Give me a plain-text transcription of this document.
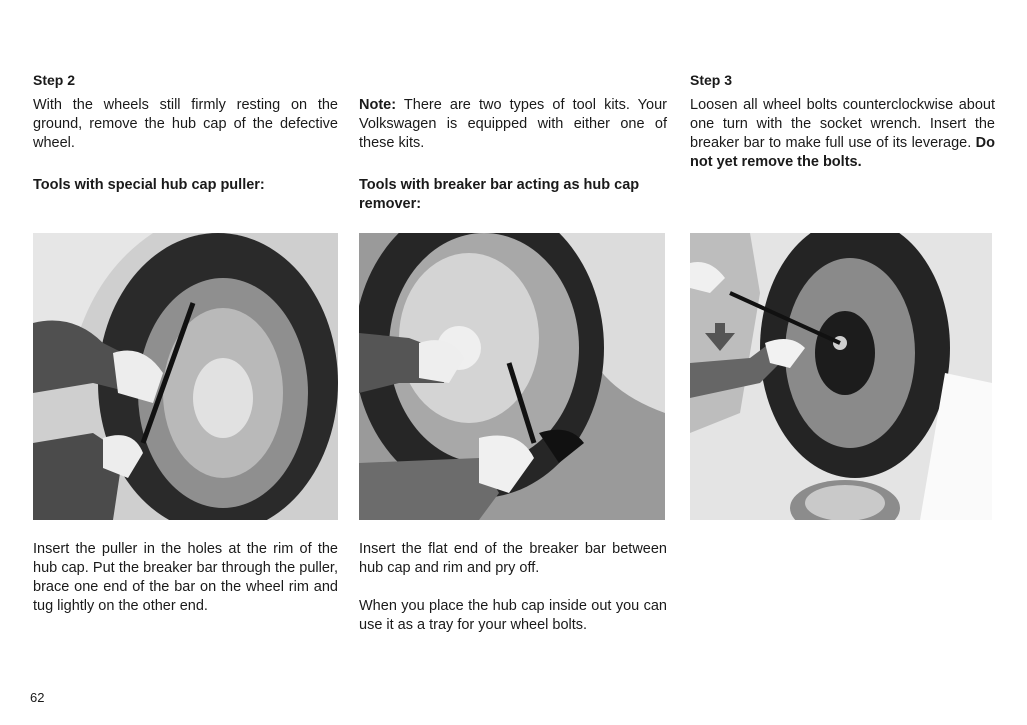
Step 2
With the wheels still firmly resting on the ground, remove the hub cap of the defective wheel.
Tools with special hub cap puller:
Insert the puller in the holes at the rim of the hub cap. Put the breaker bar through the puller, brace one end of the bar on the wheel rim and tug lightly on the other end.
Note: There are two types of tool kits. Your Volkswagen is equipped with either one of these kits.
Tools with breaker bar acting as hub cap remover:
Insert the flat end of the breaker bar between hub cap and rim and pry off.
When you place the hub cap inside out you can use it as a tray for your wheel bolts.
Step 3
Loosen all wheel bolts counterclockwise about one turn with the socket wrench. Insert the breaker bar to make full use of its leverage. Do not yet remove the bolts.
62
